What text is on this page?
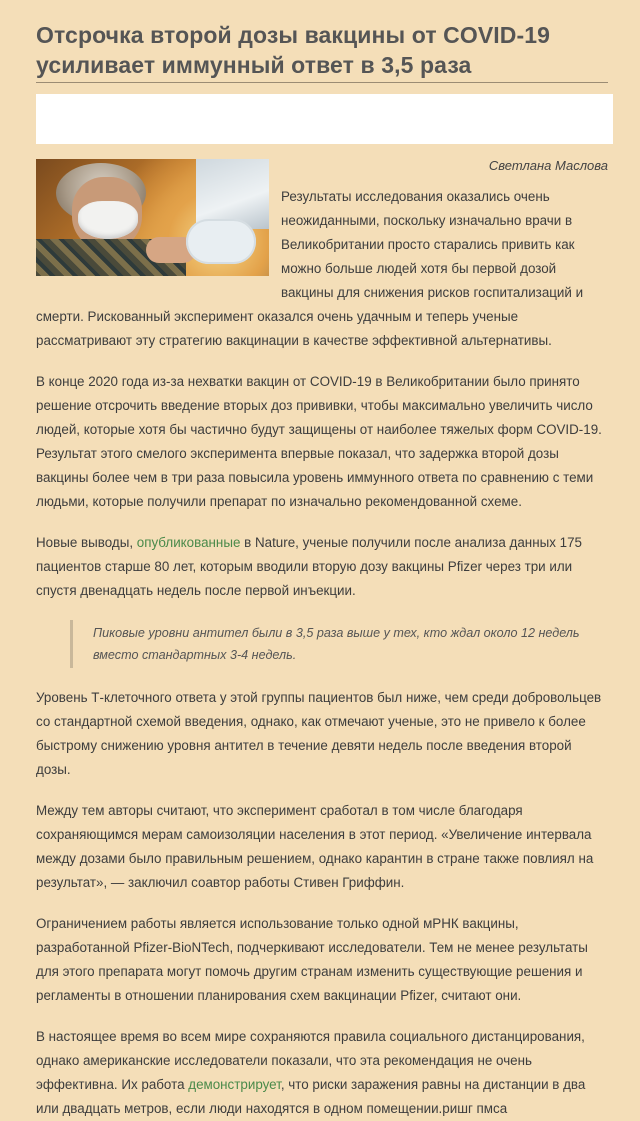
Отсрочка второй дозы вакцины от COVID-19
усиливает иммунный ответ в 3,5 раза
Светлана Маслова

Результаты исследования оказались очень неожиданными, поскольку изначально врачи в Великобритании просто старались привить как можно больше людей хотя бы первой дозой вакцины для снижения рисков госпитализаций и смерти. Рискованный эксперимент оказался очень удачным и теперь ученые рассматривают эту стратегию вакцинации в качестве эффективной альтернативы.

В конце 2020 года из-за нехватки вакцин от COVID-19 в Великобритании было принято решение отсрочить введение вторых доз прививки, чтобы максимально увеличить число людей, которые хотя бы частично будут защищены от наиболее тяжелых форм COVID-19. Результат этого смелого эксперимента впервые показал, что задержка второй дозы вакцины более чем в три раза повысила уровень иммунного ответа по сравнению с теми людьми, которые получили препарат по изначально рекомендованной схеме.

Новые выводы, опубликованные в Nature, ученые получили после анализа данных 175 пациентов старше 80 лет, которым вводили вторую дозу вакцины Pfizer через три или спустя двенадцать недель после первой инъекции.

Пиковые уровни антител были в 3,5 раза выше у тех, кто ждал около 12 недель вместо стандартных 3-4 недель.

Уровень Т-клеточного ответа у этой группы пациентов был ниже, чем среди добровольцев со стандартной схемой введения, однако, как отмечают ученые, это не привело к более быстрому снижению уровня антител в течение девяти недель после введения второй дозы.

Между тем авторы считают, что эксперимент сработал в том числе благодаря сохраняющимся мерам самоизоляции населения в этот период. «Увеличение интервала между дозами было правильным решением, однако карантин в стране также повлиял на результат», — заключил соавтор работы Стивен Гриффин.

Ограничением работы является использование только одной мРНК вакцины, разработанной Pfizer-BioNTech, подчеркивают исследователи. Тем не менее результаты для этого препарата могут помочь другим странам изменить существующие решения и регламенты в отношении планирования схем вакцинации Pfizer, считают они.

В настоящее время во всем мире сохраняются правила социального дистанцирования, однако американские исследователи показали, что эта рекомендация не очень эффективна. Их работа демонстрирует, что риски заражения равны на дистанции в два или двадцать метров, если люди находятся в одном помещении.ришг пмса
